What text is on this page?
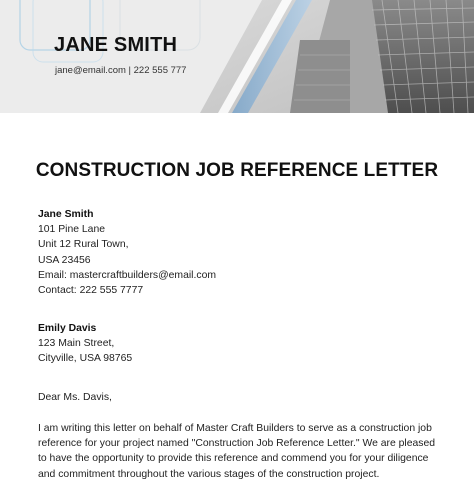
JANE SMITH
jane@email.com | 222 555 777
CONSTRUCTION JOB REFERENCE LETTER
Jane Smith
101 Pine Lane
Unit 12 Rural Town,
USA 23456
Email: mastercraftbuilders@email.com
Contact: 222 555 7777
Emily Davis
123 Main Street,
Cityville, USA 98765
Dear Ms. Davis,
I am writing this letter on behalf of Master Craft Builders to serve as a construction job
reference for your project named "Construction Job Reference Letter." We are pleased
to have the opportunity to provide this reference and commend you for your diligence
and commitment throughout the various stages of the construction project.
